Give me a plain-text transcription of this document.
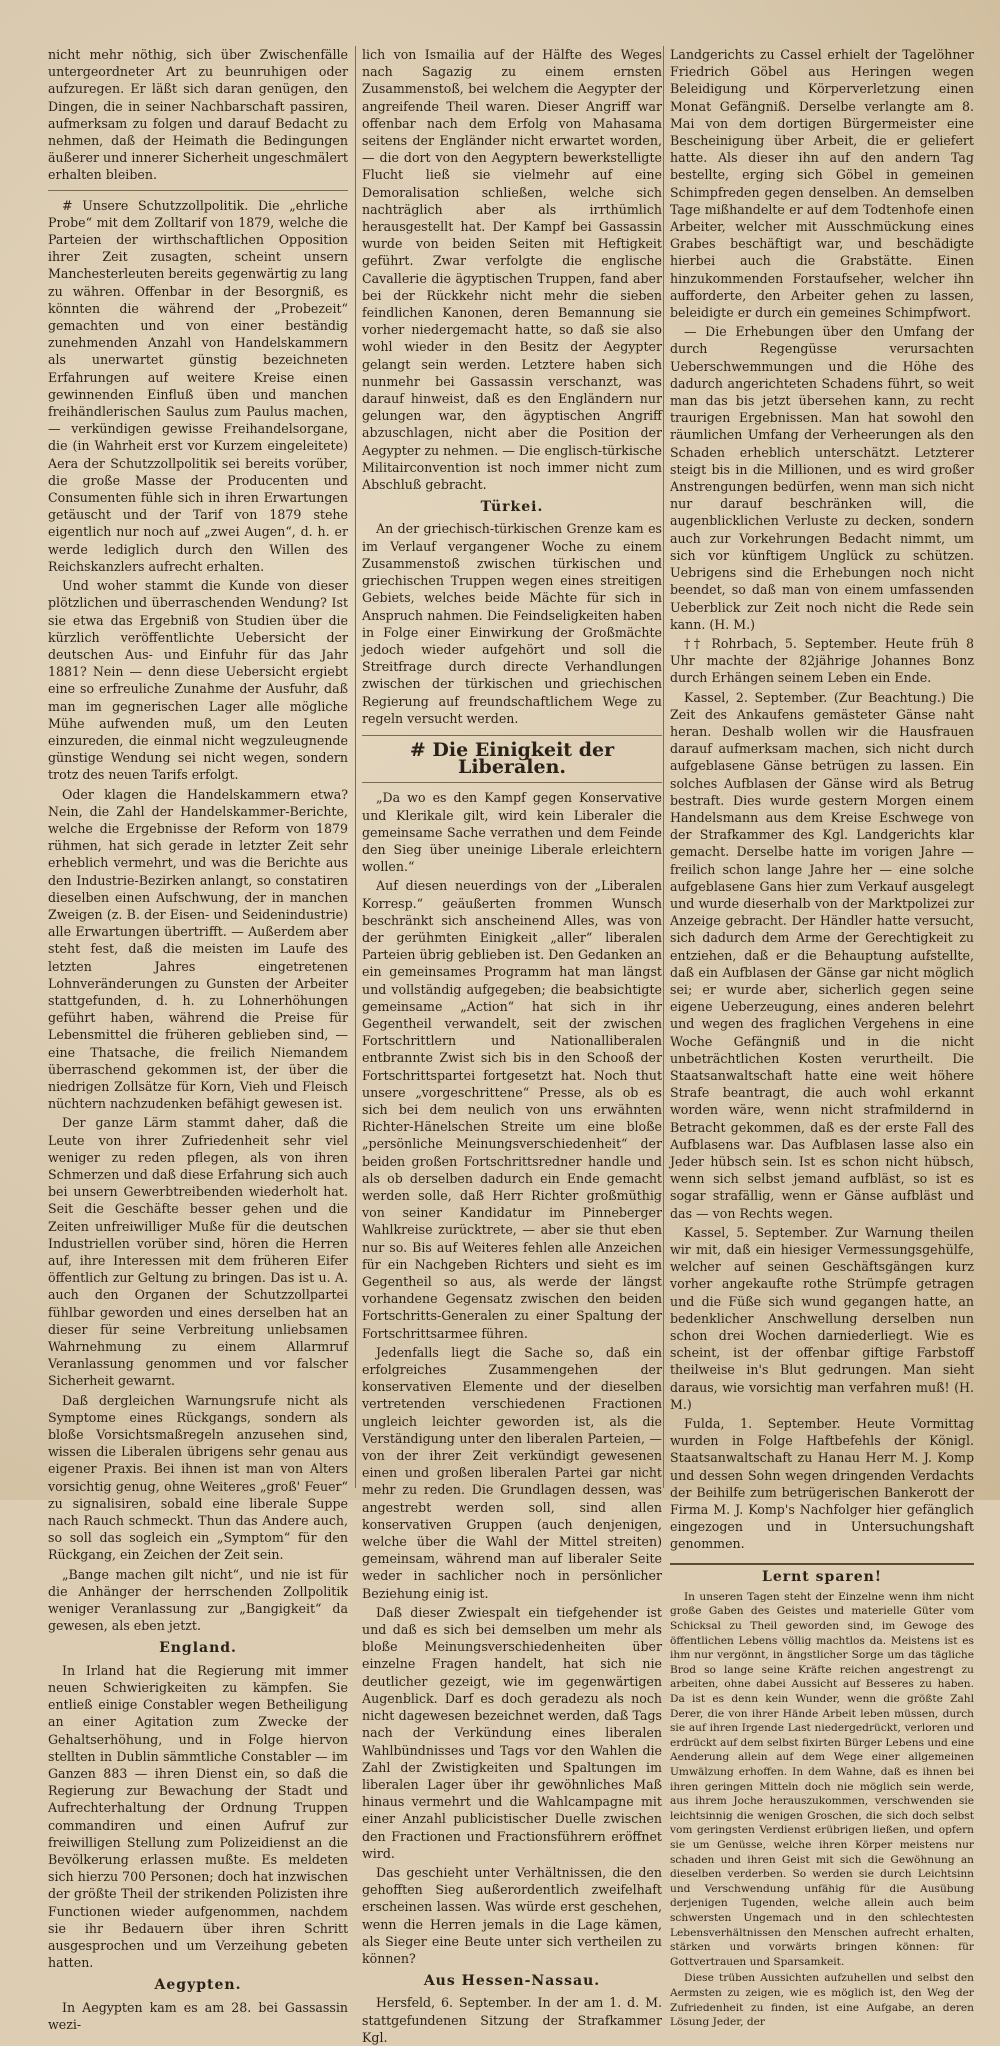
nicht mehr nöthig, sich über Zwischenfälle untergeordneter Art zu beunruhigen oder aufzuregen. Er läßt sich daran genügen, den Dingen, die in seiner Nachbarschaft passiren, aufmerksam zu folgen und darauf Bedacht zu nehmen, daß der Heimath die Bedingungen äußerer und innerer Sicherheit ungeschmälert erhalten bleiben.

# Unsere Schutzzollpolitik. Die „ehrliche Probe“ mit dem Zolltarif von 1879, welche die Parteien der wirthschaftlichen Opposition ihrer Zeit zusagten, scheint unsern Manchesterleuten bereits gegenwärtig zu lang zu währen. Offenbar in der Besorgniß, es könnten die während der „Probezeit“ gemachten und von einer beständig zunehmenden Anzahl von Handelskammern als unerwartet günstig bezeichneten Erfahrungen auf weitere Kreise einen gewinnenden Einfluß üben und manchen freihändlerischen Saulus zum Paulus machen, — verkündigen gewisse Freihandelsorgane, die (in Wahrheit erst vor Kurzem eingeleitete) Aera der Schutzzollpolitik sei bereits vorüber, die große Masse der Producenten und Consumenten fühle sich in ihren Erwartungen getäuscht und der Tarif von 1879 stehe eigentlich nur noch auf „zwei Augen“, d. h. er werde lediglich durch den Willen des Reichskanzlers aufrecht erhalten.

Und woher stammt die Kunde von dieser plötzlichen und überraschenden Wendung? Ist sie etwa das Ergebniß von Studien über die kürzlich veröffentlichte Uebersicht der deutschen Aus- und Einfuhr für das Jahr 1881? Nein — denn diese Uebersicht ergiebt eine so erfreuliche Zunahme der Ausfuhr, daß man im gegnerischen Lager alle mögliche Mühe aufwenden muß, um den Leuten einzureden, die einmal nicht wegzuleugnende günstige Wendung sei nicht wegen, sondern trotz des neuen Tarifs erfolgt.

Oder klagen die Handelskammern etwa? Nein, die Zahl der Handelskammer-Berichte, welche die Ergebnisse der Reform von 1879 rühmen, hat sich gerade in letzter Zeit sehr erheblich vermehrt, und was die Berichte aus den Industrie-Bezirken anlangt, so constatiren dieselben einen Aufschwung, der in manchen Zweigen (z. B. der Eisen- und Seidenindustrie) alle Erwartungen übertrifft. — Außerdem aber steht fest, daß die meisten im Laufe des letzten Jahres eingetretenen Lohnveränderungen zu Gunsten der Arbeiter stattgefunden, d. h. zu Lohnerhöhungen geführt haben, während die Preise für Lebensmittel die früheren geblieben sind, — eine Thatsache, die freilich Niemandem überraschend gekommen ist, der über die niedrigen Zollsätze für Korn, Vieh und Fleisch nüchtern nachzudenken befähigt gewesen ist.

Der ganze Lärm stammt daher, daß die Leute von ihrer Zufriedenheit sehr viel weniger zu reden pflegen, als von ihren Schmerzen und daß diese Erfahrung sich auch bei unsern Gewerbtreibenden wiederholt hat. Seit die Geschäfte besser gehen und die Zeiten unfreiwilliger Muße für die deutschen Industriellen vorüber sind, hören die Herren auf, ihre Interessen mit dem früheren Eifer öffentlich zur Geltung zu bringen. Das ist u. A. auch den Organen der Schutzzollpartei fühlbar geworden und eines derselben hat an dieser für seine Verbreitung unliebsamen Wahrnehmung zu einem Allarmruf Veranlassung genommen und vor falscher Sicherheit gewarnt.

Daß dergleichen Warnungsrufe nicht als Symptome eines Rückgangs, sondern als bloße Vorsichtsmaßregeln anzusehen sind, wissen die Liberalen übrigens sehr genau aus eigener Praxis. Bei ihnen ist man von Alters vorsichtig genug, ohne Weiteres „groß' Feuer“ zu signalisiren, sobald eine liberale Suppe nach Rauch schmeckt. Thun das Andere auch, so soll das sogleich ein „Symptom“ für den Rückgang, ein Zeichen der Zeit sein.

„Bange machen gilt nicht“, und nie ist für die Anhänger der herrschenden Zollpolitik weniger Veranlassung zur „Bangigkeit“ da gewesen, als eben jetzt.

England.

In Irland hat die Regierung mit immer neuen Schwierigkeiten zu kämpfen. Sie entließ einige Constabler wegen Betheiligung an einer Agitation zum Zwecke der Gehaltserhöhung, und in Folge hiervon stellten in Dublin sämmtliche Constabler — im Ganzen 883 — ihren Dienst ein, so daß die Regierung zur Bewachung der Stadt und Aufrechterhaltung der Ordnung Truppen commandiren und einen Aufruf zur freiwilligen Stellung zum Polizeidienst an die Bevölkerung erlassen mußte. Es meldeten sich hierzu 700 Personen; doch hat inzwischen der größte Theil der strikenden Polizisten ihre Functionen wieder aufgenommen, nachdem sie ihr Bedauern über ihren Schritt ausgesprochen und um Verzeihung gebeten hatten.

Aegypten.

In Aegypten kam es am 28. bei Gassassin wezi-

lich von Ismailia auf der Hälfte des Weges nach Sagazig zu einem ernsten Zusammenstoß, bei welchem die Aegypter der angreifende Theil waren. Dieser Angriff war offenbar nach dem Erfolg von Mahasama seitens der Engländer nicht erwartet worden, — die dort von den Aegyptern bewerkstelligte Flucht ließ sie vielmehr auf eine Demoralisation schließen, welche sich nachträglich aber als irrthümlich herausgestellt hat. Der Kampf bei Gassassin wurde von beiden Seiten mit Heftigkeit geführt. Zwar verfolgte die englische Cavallerie die ägyptischen Truppen, fand aber bei der Rückkehr nicht mehr die sieben feindlichen Kanonen, deren Bemannung sie vorher niedergemacht hatte, so daß sie also wohl wieder in den Besitz der Aegypter gelangt sein werden. Letztere haben sich nunmehr bei Gassassin verschanzt, was darauf hinweist, daß es den Engländern nur gelungen war, den ägyptischen Angriff abzuschlagen, nicht aber die Position der Aegypter zu nehmen. — Die englisch-türkische Militairconvention ist noch immer nicht zum Abschluß gebracht.

Türkei.

An der griechisch-türkischen Grenze kam es im Verlauf vergangener Woche zu einem Zusammenstoß zwischen türkischen und griechischen Truppen wegen eines streitigen Gebiets, welches beide Mächte für sich in Anspruch nahmen. Die Feindseligkeiten haben in Folge einer Einwirkung der Großmächte jedoch wieder aufgehört und soll die Streitfrage durch directe Verhandlungen zwischen der türkischen und griechischen Regierung auf freundschaftlichem Wege zu regeln versucht werden.

# Die Einigkeit der Liberalen.

„Da wo es den Kampf gegen Konservative und Klerikale gilt, wird kein Liberaler die gemeinsame Sache verrathen und dem Feinde den Sieg über uneinige Liberale erleichtern wollen.“

Auf diesen neuerdings von der „Liberalen Korresp.“ geäußerten frommen Wunsch beschränkt sich anscheinend Alles, was von der gerühmten Einigkeit „aller“ liberalen Parteien übrig geblieben ist. Den Gedanken an ein gemeinsames Programm hat man längst und vollständig aufgegeben; die beabsichtigte gemeinsame „Action“ hat sich in ihr Gegentheil verwandelt, seit der zwischen Fortschrittlern und Nationalliberalen entbrannte Zwist sich bis in den Schooß der Fortschrittspartei fortgesetzt hat. Noch thut unsere „vorgeschrittene“ Presse, als ob es sich bei dem neulich von uns erwähnten Richter-Hänelschen Streite um eine bloße „persönliche Meinungsverschiedenheit“ der beiden großen Fortschrittsredner handle und als ob derselben dadurch ein Ende gemacht werden solle, daß Herr Richter großmüthig von seiner Kandidatur im Pinneberger Wahlkreise zurücktrete, — aber sie thut eben nur so. Bis auf Weiteres fehlen alle Anzeichen für ein Nachgeben Richters und sieht es im Gegentheil so aus, als werde der längst vorhandene Gegensatz zwischen den beiden Fortschritts-Generalen zu einer Spaltung der Fortschrittsarmee führen.

Jedenfalls liegt die Sache so, daß ein erfolgreiches Zusammengehen der konservativen Elemente und der dieselben vertretenden verschiedenen Fractionen ungleich leichter geworden ist, als die Verständigung unter den liberalen Parteien, — von der ihrer Zeit verkündigt gewesenen einen und großen liberalen Partei gar nicht mehr zu reden. Die Grundlagen dessen, was angestrebt werden soll, sind allen konservativen Gruppen (auch denjenigen, welche über die Wahl der Mittel streiten) gemeinsam, während man auf liberaler Seite weder in sachlicher noch in persönlicher Beziehung einig ist.

Daß dieser Zwiespalt ein tiefgehender ist und daß es sich bei demselben um mehr als bloße Meinungsverschiedenheiten über einzelne Fragen handelt, hat sich nie deutlicher gezeigt, wie im gegenwärtigen Augenblick. Darf es doch geradezu als noch nicht dagewesen bezeichnet werden, daß Tags nach der Verkündung eines liberalen Wahlbündnisses und Tags vor den Wahlen die Zahl der Zwistigkeiten und Spaltungen im liberalen Lager über ihr gewöhnliches Maß hinaus vermehrt und die Wahlcampagne mit einer Anzahl publicistischer Duelle zwischen den Fractionen und Fractionsführern eröffnet wird.

Das geschieht unter Verhältnissen, die den gehofften Sieg außerordentlich zweifelhaft erscheinen lassen. Was würde erst geschehen, wenn die Herren jemals in die Lage kämen, als Sieger eine Beute unter sich vertheilen zu können?

Aus Hessen-Nassau.

Hersfeld, 6. September. In der am 1. d. M. stattgefundenen Sitzung der Strafkammer Kgl.

Landgerichts zu Cassel erhielt der Tagelöhner Friedrich Göbel aus Heringen wegen Beleidigung und Körperverletzung einen Monat Gefängniß. Derselbe verlangte am 8. Mai von dem dortigen Bürgermeister eine Bescheinigung über Arbeit, die er geliefert hatte. Als dieser ihn auf den andern Tag bestellte, erging sich Göbel in gemeinen Schimpfreden gegen denselben. An demselben Tage mißhandelte er auf dem Todtenhofe einen Arbeiter, welcher mit Ausschmückung eines Grabes beschäftigt war, und beschädigte hierbei auch die Grabstätte. Einen hinzukommenden Forstaufseher, welcher ihn aufforderte, den Arbeiter gehen zu lassen, beleidigte er durch ein gemeines Schimpfwort.

— Die Erhebungen über den Umfang der durch Regengüsse verursachten Ueberschwemmungen und die Höhe des dadurch angerichteten Schadens führt, so weit man das bis jetzt übersehen kann, zu recht traurigen Ergebnissen. Man hat sowohl den räumlichen Umfang der Verheerungen als den Schaden erheblich unterschätzt. Letzterer steigt bis in die Millionen, und es wird großer Anstrengungen bedürfen, wenn man sich nicht nur darauf beschränken will, die augenblicklichen Verluste zu decken, sondern auch zur Vorkehrungen Bedacht nimmt, um sich vor künftigem Unglück zu schützen. Uebrigens sind die Erhebungen noch nicht beendet, so daß man von einem umfassenden Ueberblick zur Zeit noch nicht die Rede sein kann. (H. M.)

†† Rohrbach, 5. September. Heute früh 8 Uhr machte der 82jährige Johannes Bonz durch Erhängen seinem Leben ein Ende.

Kassel, 2. September. (Zur Beachtung.) Die Zeit des Ankaufens gemästeter Gänse naht heran. Deshalb wollen wir die Hausfrauen darauf aufmerksam machen, sich nicht durch aufgeblasene Gänse betrügen zu lassen. Ein solches Aufblasen der Gänse wird als Betrug bestraft. Dies wurde gestern Morgen einem Handelsmann aus dem Kreise Eschwege von der Strafkammer des Kgl. Landgerichts klar gemacht. Derselbe hatte im vorigen Jahre — freilich schon lange Jahre her — eine solche aufgeblasene Gans hier zum Verkauf ausgelegt und wurde dieserhalb von der Marktpolizei zur Anzeige gebracht. Der Händler hatte versucht, sich dadurch dem Arme der Gerechtigkeit zu entziehen, daß er die Behauptung aufstellte, daß ein Aufblasen der Gänse gar nicht möglich sei; er wurde aber, sicherlich gegen seine eigene Ueberzeugung, eines anderen belehrt und wegen des fraglichen Vergehens in eine Woche Gefängniß und in die nicht unbeträchtlichen Kosten verurtheilt. Die Staatsanwaltschaft hatte eine weit höhere Strafe beantragt, die auch wohl erkannt worden wäre, wenn nicht strafmildernd in Betracht gekommen, daß es der erste Fall des Aufblasens war. Das Aufblasen lasse also ein Jeder hübsch sein. Ist es schon nicht hübsch, wenn sich selbst jemand aufbläst, so ist es sogar strafällig, wenn er Gänse aufbläst und das — von Rechts wegen.

Kassel, 5. September. Zur Warnung theilen wir mit, daß ein hiesiger Vermessungsgehülfe, welcher auf seinen Geschäftsgängen kurz vorher angekaufte rothe Strümpfe getragen und die Füße sich wund gegangen hatte, an bedenklicher Anschwellung derselben nun schon drei Wochen darniederliegt. Wie es scheint, ist der offenbar giftige Farbstoff theilweise in's Blut gedrungen. Man sieht daraus, wie vorsichtig man verfahren muß! (H. M.)

Fulda, 1. September. Heute Vormittag wurden in Folge Haftbefehls der Königl. Staatsanwaltschaft zu Hanau Herr M. J. Komp und dessen Sohn wegen dringenden Verdachts der Beihilfe zum betrügerischen Bankerott der Firma M. J. Komp's Nachfolger hier gefänglich eingezogen und in Untersuchungshaft genommen.

Lernt sparen!

In unseren Tagen steht der Einzelne wenn ihm nicht große Gaben des Geistes und materielle Güter vom Schicksal zu Theil geworden sind, im Gewoge des öffentlichen Lebens völlig machtlos da. Meistens ist es ihm nur vergönnt, in ängstlicher Sorge um das tägliche Brod so lange seine Kräfte reichen angestrengt zu arbeiten, ohne dabei Aussicht auf Besseres zu haben. Da ist es denn kein Wunder, wenn die größte Zahl Derer, die von ihrer Hände Arbeit leben müssen, durch sie auf ihren Irgende Last niedergedrückt, verloren und erdrückt auf dem selbst fixirten Bürger Lebens und eine Aenderung allein auf dem Wege einer allgemeinen Umwälzung erhoffen. In dem Wahne, daß es ihnen bei ihren geringen Mitteln doch nie möglich sein werde, aus ihrem Joche herauszukommen, verschwenden sie leichtsinnig die wenigen Groschen, die sich doch selbst vom geringsten Verdienst erübrigen ließen, und opfern sie um Genüsse, welche ihren Körper meistens nur schaden und ihren Geist mit sich die Gewöhnung an dieselben verderben. So werden sie durch Leichtsinn und Verschwendung unfähig für die Ausübung derjenigen Tugenden, welche allein auch beim schwersten Ungemach und in den schlechtesten Lebensverhältnissen den Menschen aufrecht erhalten, stärken und vorwärts bringen können: für Gottvertrauen und Sparsamkeit.

Diese trüben Aussichten aufzuhellen und selbst den Aermsten zu zeigen, wie es möglich ist, den Weg der Zufriedenheit zu finden, ist eine Aufgabe, an deren Lösung Jeder, der
